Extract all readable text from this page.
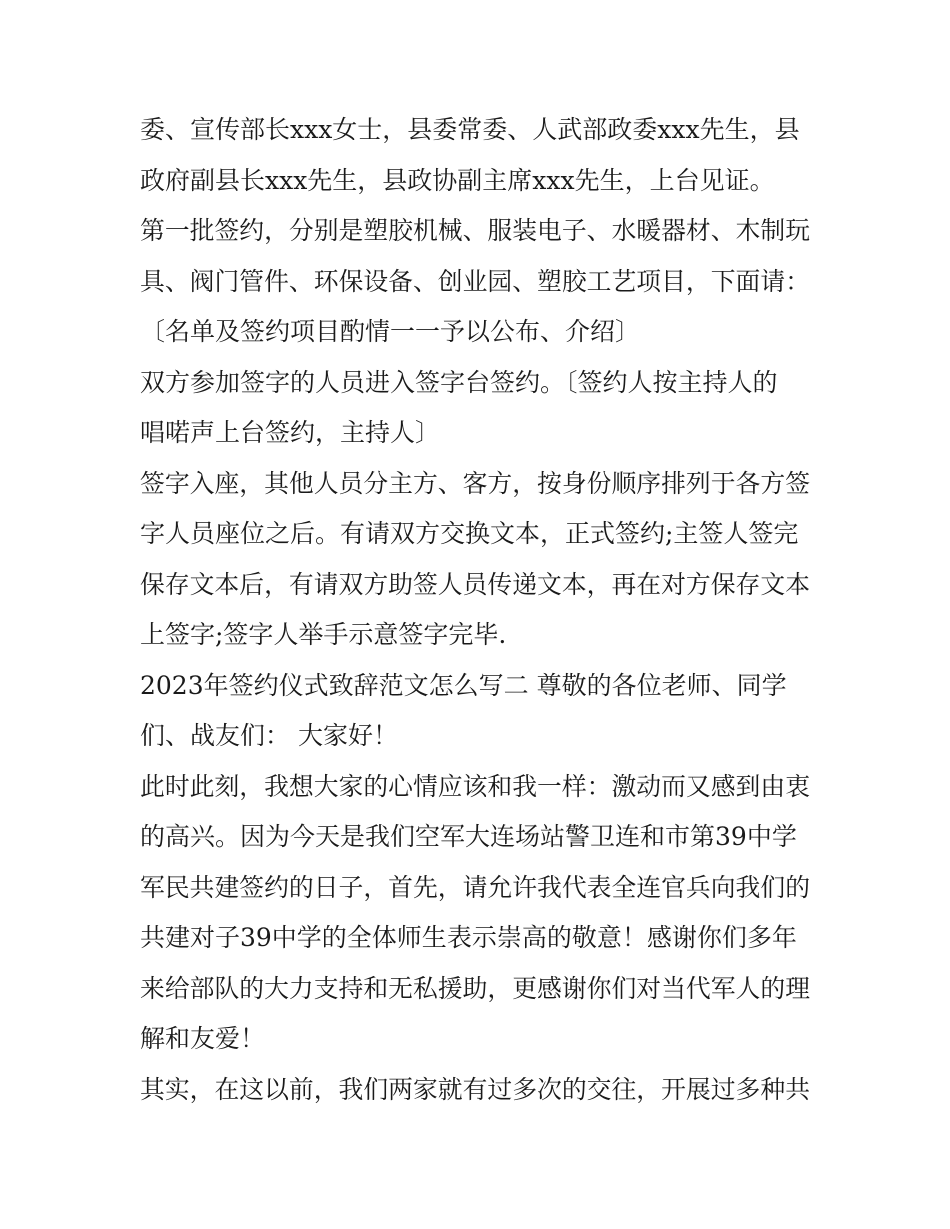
委、宣传部长xxx女士，县委常委、人武部政委xxx先生，县

政府副县长xxx先生，县政协副主席xxx先生，上台见证。

第一批签约，分别是塑胶机械、服装电子、水暖器材、木制玩

具、阀门管件、环保设备、创业园、塑胶工艺项目，下面请：

〔名单及签约项目酌情一一予以公布、介绍〕

双方参加签字的人员进入签字台签约。〔签约人按主持人的

唱喏声上台签约，主持人〕

签字入座，其他人员分主方、客方，按身份顺序排列于各方签

字人员座位之后。有请双方交换文本，正式签约;主签人签完

保存文本后，有请双方助签人员传递文本，再在对方保存文本

上签字;签字人举手示意签字完毕.

2023年签约仪式致辞范文怎么写二 尊敬的各位老师、同学

们、战友们： 大家好！

此时此刻，我想大家的心情应该和我一样：激动而又感到由衷

的高兴。因为今天是我们空军大连场站警卫连和市第39中学

军民共建签约的日子，首先，请允许我代表全连官兵向我们的

共建对子39中学的全体师生表示崇高的敬意！感谢你们多年

来给部队的大力支持和无私援助，更感谢你们对当代军人的理

解和友爱！

其实，在这以前，我们两家就有过多次的交往，开展过多种共
